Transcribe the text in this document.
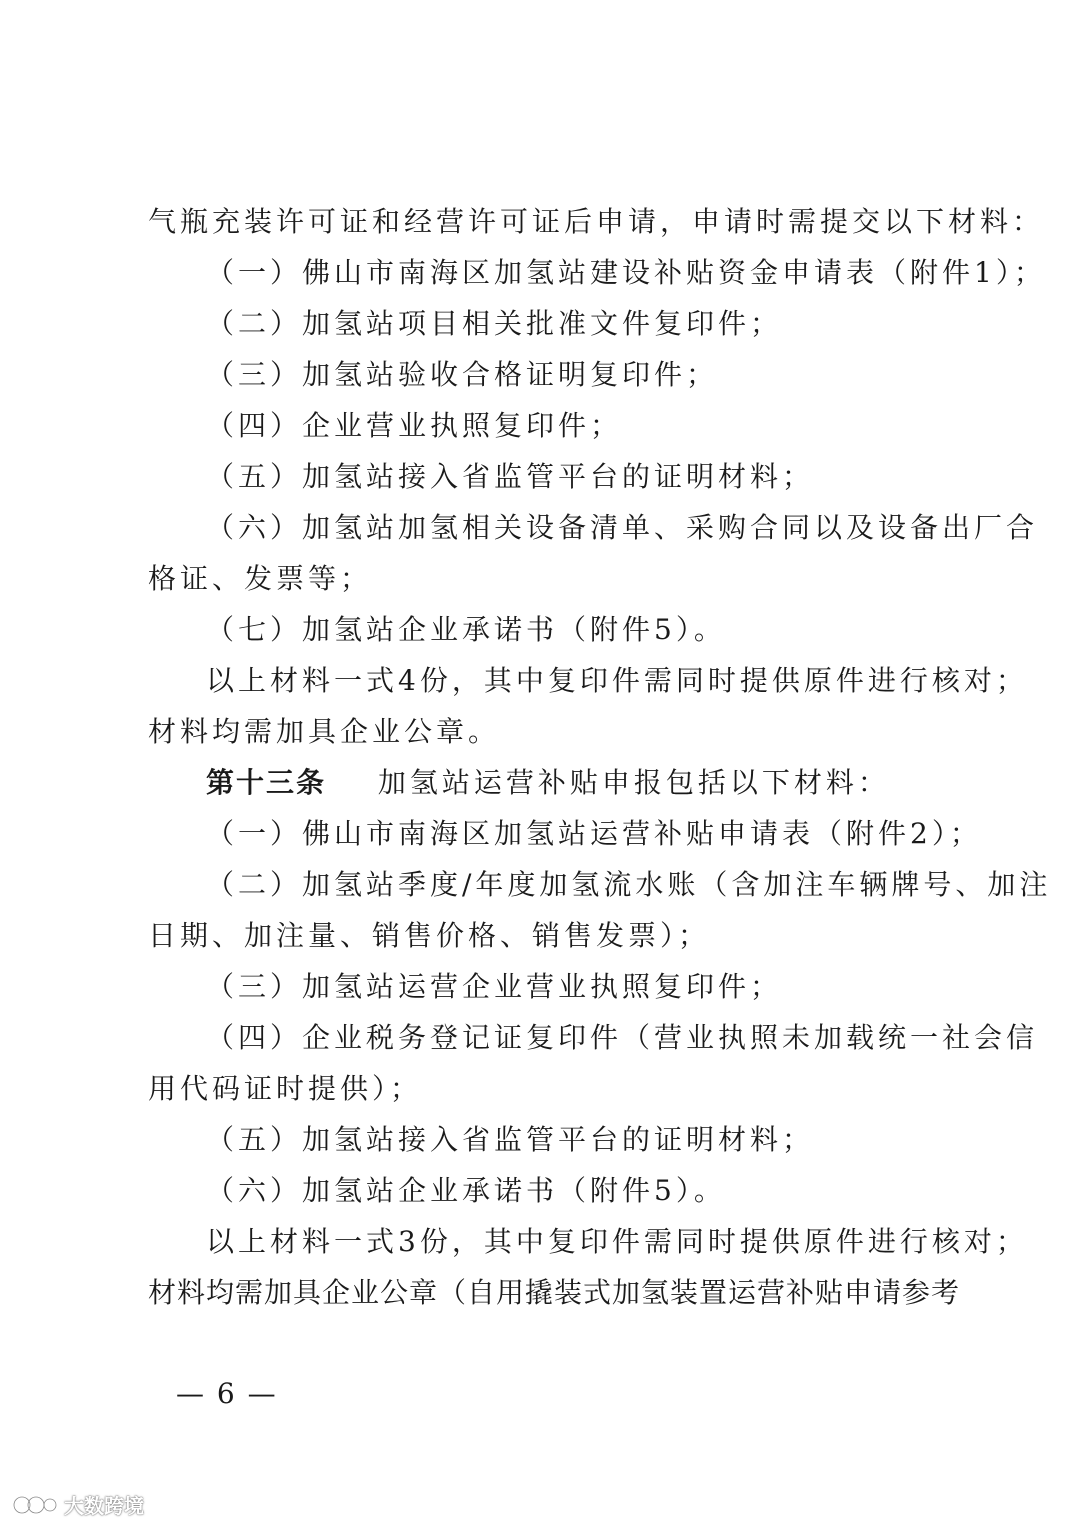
气瓶充装许可证和经营许可证后申请，申请时需提交以下材料：
（一）佛山市南海区加氢站建设补贴资金申请表（附件1）；
（二）加氢站项目相关批准文件复印件；
（三）加氢站验收合格证明复印件；
（四）企业营业执照复印件；
（五）加氢站接入省监管平台的证明材料；
（六）加氢站加氢相关设备清单、采购合同以及设备出厂合
格证、发票等；
（七）加氢站企业承诺书（附件5）。
以上材料一式4份，其中复印件需同时提供原件进行核对；
材料均需加具企业公章。
第十三条 加氢站运营补贴申报包括以下材料：
（一）佛山市南海区加氢站运营补贴申请表（附件2）；
（二）加氢站季度/年度加氢流水账（含加注车辆牌号、加注
日期、加注量、销售价格、销售发票）；
（三）加氢站运营企业营业执照复印件；
（四）企业税务登记证复印件（营业执照未加载统一社会信
用代码证时提供）；
（五）加氢站接入省监管平台的证明材料；
（六）加氢站企业承诺书（附件5）。
以上材料一式3份，其中复印件需同时提供原件进行核对；
材料均需加具企业公章（自用撬装式加氢装置运营补贴申请参考
— 6 —
大数跨境
